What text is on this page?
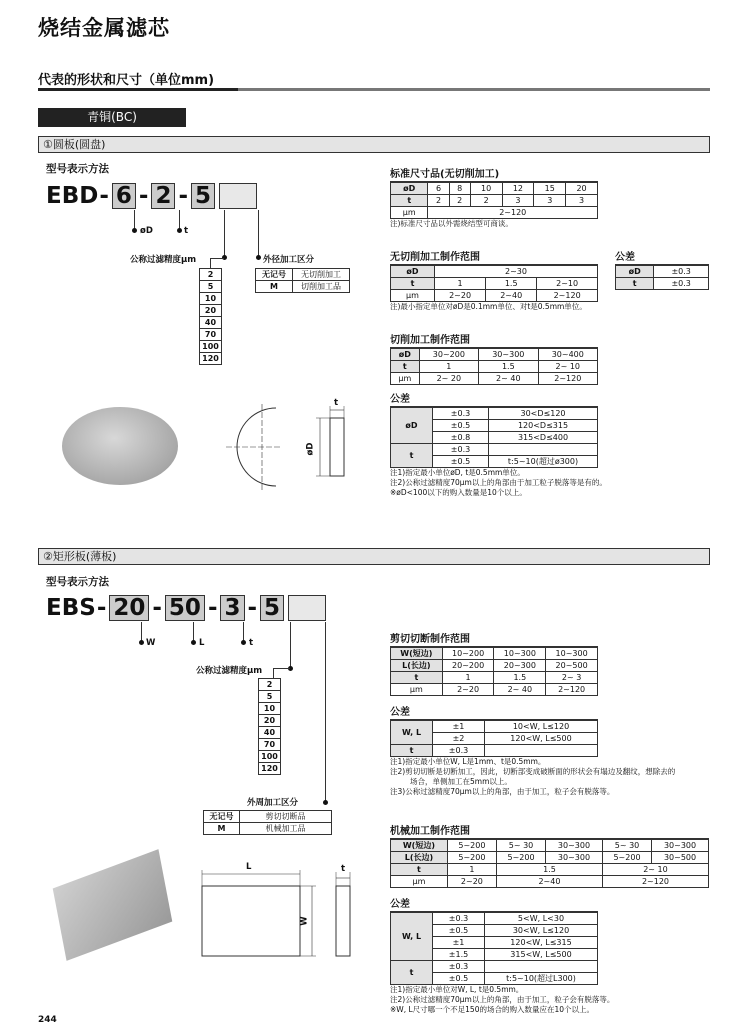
烧结金属滤芯
代表的形状和尺寸（单位mm)
青铜(BC)
①圆板(圆盘)
型号表示方法
EBD - 6 - 2 - 5
øD	t
公称过滤精度μm	外径加工区分
2
5
10
20
40
70
100
120
无记号	无切削加工
M	切削加工品
t
øD
标准尺寸品(无切削加工)
øD	6	8	10	12	15	20
t	2	2	2	3	3	3
μm	2~120					
注)标准尺寸品以外需烧结型可商谈。
无切削加工制作范围
øD	2~30		
t	1	1.5	2~10
μm	2~20	2~40	2~120
注)最小指定单位对øD是0.1mm单位、对t是0.5mm单位。
公差
øD	±0.3
t	±0.3
切削加工制作范围
øD	30~200	30~300	30~400
t	1	1.5	2~ 10
μm	2~ 20	2~ 40	2~120
公差
øD	±0.3	30<D≤120
	±0.5	120<D≤315
	±0.8	315<D≤400
t	±0.3	
	±0.5	t:5~10(超过ø300)
注1)指定最小单位øD, t是0.5mm单位。
注2)公称过滤精度70μm以上的角部由于加工粒子脱落等是有的。
※øD<100以下的购入数量是10个以上。
②矩形板(薄板)
型号表示方法
EBS - 20 - 50 - 3 - 5
W	L	t
公称过滤精度μm
2
5
10
20
40
70
100
120
外周加工区分
无记号	剪切切断品
M	机械加工品
L
W
t
剪切切断制作范围
W(短边)	10~200	10~300	10~300
L(长边)	20~200	20~300	20~500
t	1	1.5	2~ 3
μm	2~20	2~ 40	2~120
公差
W, L	±1	10<W, L≤120
	±2	120<W, L≤500
t	±0.3	
注1)指定最小单位W, L是1mm、t是0.5mm。
注2)剪切切断是切断加工，因此，切断部变成破断面的形状会有塌边及翻纹，想除去的
场合，单侧加工在5mm以上。
注3)公称过滤精度70μm以上的角部，由于加工，粒子会有脱落等。
机械加工制作范围
W(短边)	5~200	5~ 30	30~300	5~ 30	30~300
L(长边)	5~200	5~200	30~300	5~200	30~500
t	1	1.5		2~ 10	
μm	2~20	2~40		2~120	
公差
W, L	±0.3	5<W, L<30
	±0.5	30<W, L≤120
	±1	120<W, L≤315
	±1.5	315<W, L≤500
t	±0.3	
	±0.5	t:5~10(超过L300)
注1)指定最小单位对W, L, t是0.5mm。
注2)公称过滤精度70μm以上的角部，由于加工，粒子会有脱落等。
※W, L尺寸哪一个不足150的场合的购入数量应在10个以上。
244
